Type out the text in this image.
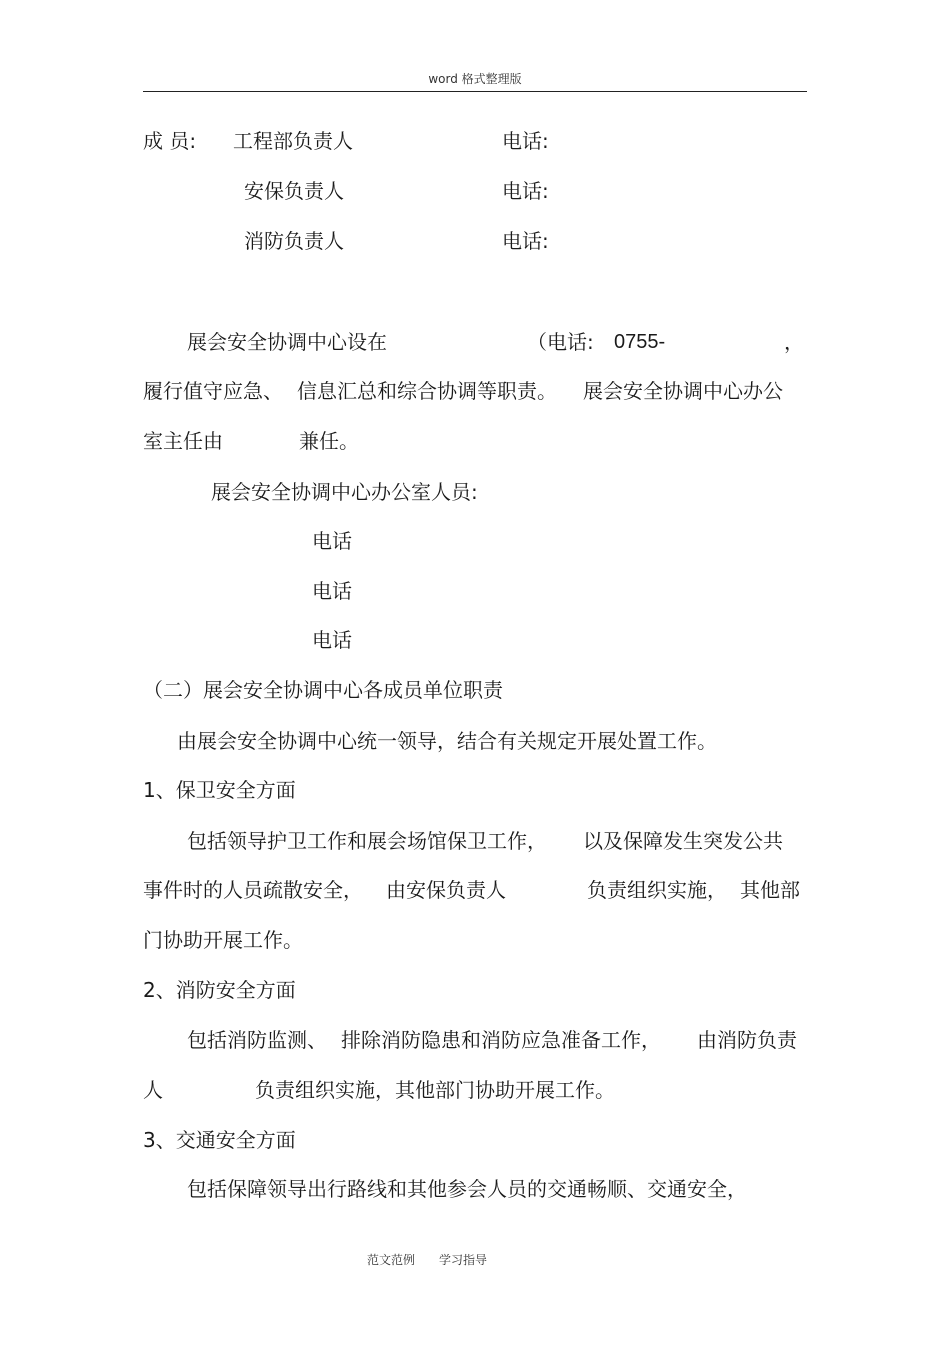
word 格式整理版
成 员: 工程部负责人	电话:
安保负责人	电话:
消防负责人	电话:
展会安全协调中心设在	（电话: 0755-	，
履行值守应急、 信息汇总和综合协调等职责。 展会安全协调中心办公
室主任由	兼任。
展会安全协调中心办公室人员:
电话
电话
电话
（二）展会安全协调中心各成员单位职责
由展会安全协调中心统一领导，结合有关规定开展处置工作。
1、保卫安全方面
包括领导护卫工作和展会场馆保卫工作， 以及保障发生突发公共
事件时的人员疏散安全， 由安保负责人	负责组织实施， 其他部
门协助开展工作。
2、消防安全方面
包括消防监测、 排除消防隐患和消防应急准备工作， 由消防负责
人	负责组织实施，其他部门协助开展工作。
3、交通安全方面
包括保障领导出行路线和其他参会人员的交通畅顺、交通安全，
范文范例 学习指导
